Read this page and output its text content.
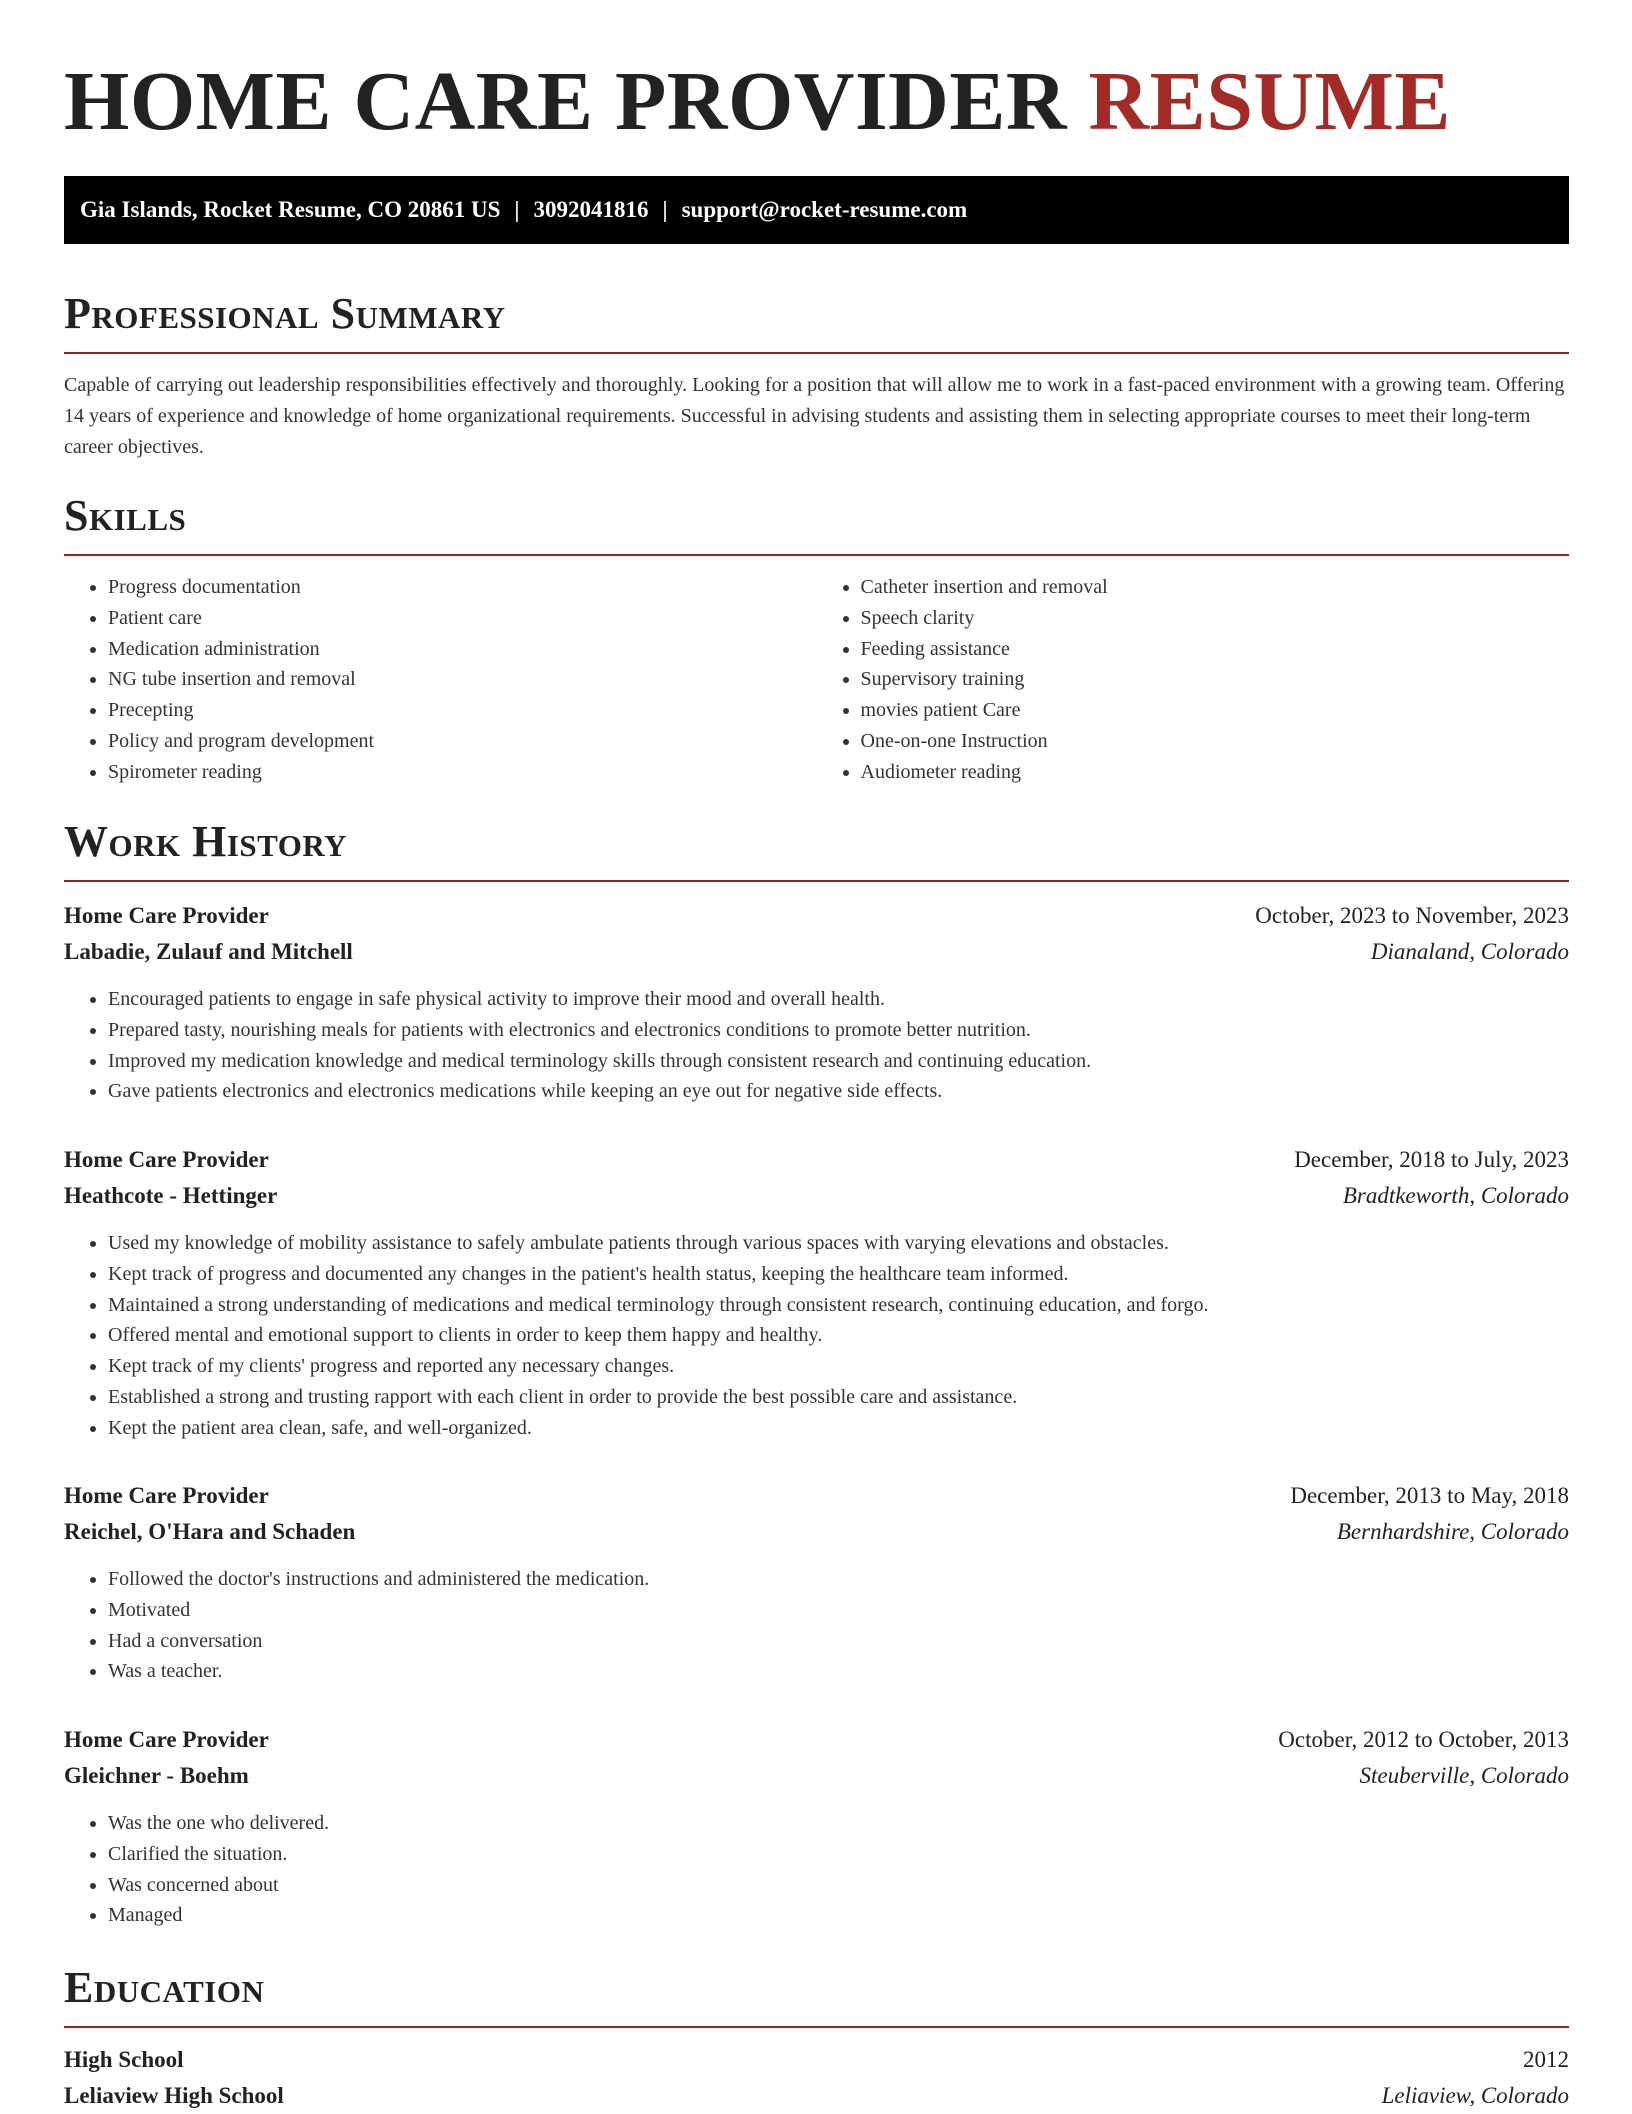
HOME CARE PROVIDER RESUME
Gia Islands, Rocket Resume, CO 20861 US | 3092041816 | support@rocket-resume.com
Professional Summary

Capable of carrying out leadership responsibilities effectively and thoroughly. Looking for a position that will allow me to work in a fast-paced environment with a growing team. Offering 14 years of experience and knowledge of home organizational requirements. Successful in advising students and assisting them in selecting appropriate courses to meet their long-term career objectives.

Skills
• Progress documentation
• Patient care
• Medication administration
• NG tube insertion and removal
• Precepting
• Policy and program development
• Spirometer reading
• Catheter insertion and removal
• Speech clarity
• Feeding assistance
• Supervisory training
• movies patient Care
• One-on-one Instruction
• Audiometer reading
Work History
Home Care Provider	October, 2023 to November, 2023
Labadie, Zulauf and Mitchell	Dianaland, Colorado
• Encouraged patients to engage in safe physical activity to improve their mood and overall health.
• Prepared tasty, nourishing meals for patients with electronics and electronics conditions to promote better nutrition.
• Improved my medication knowledge and medical terminology skills through consistent research and continuing education.
• Gave patients electronics and electronics medications while keeping an eye out for negative side effects.
Home Care Provider	December, 2018 to July, 2023
Heathcote - Hettinger	Bradtkeworth, Colorado
• Used my knowledge of mobility assistance to safely ambulate patients through various spaces with varying elevations and obstacles.
• Kept track of progress and documented any changes in the patient's health status, keeping the healthcare team informed.
• Maintained a strong understanding of medications and medical terminology through consistent research, continuing education, and forgo.
• Offered mental and emotional support to clients in order to keep them happy and healthy.
• Kept track of my clients' progress and reported any necessary changes.
• Established a strong and trusting rapport with each client in order to provide the best possible care and assistance.
• Kept the patient area clean, safe, and well-organized.
Home Care Provider	December, 2013 to May, 2018
Reichel, O'Hara and Schaden	Bernhardshire, Colorado
• Followed the doctor's instructions and administered the medication.
• Motivated
• Had a conversation
• Was a teacher.
Home Care Provider	October, 2012 to October, 2013
Gleichner - Boehm	Steuberville, Colorado
• Was the one who delivered.
• Clarified the situation.
• Was concerned about
• Managed
Education
High School	2012
Leliaview High School	Leliaview, Colorado
